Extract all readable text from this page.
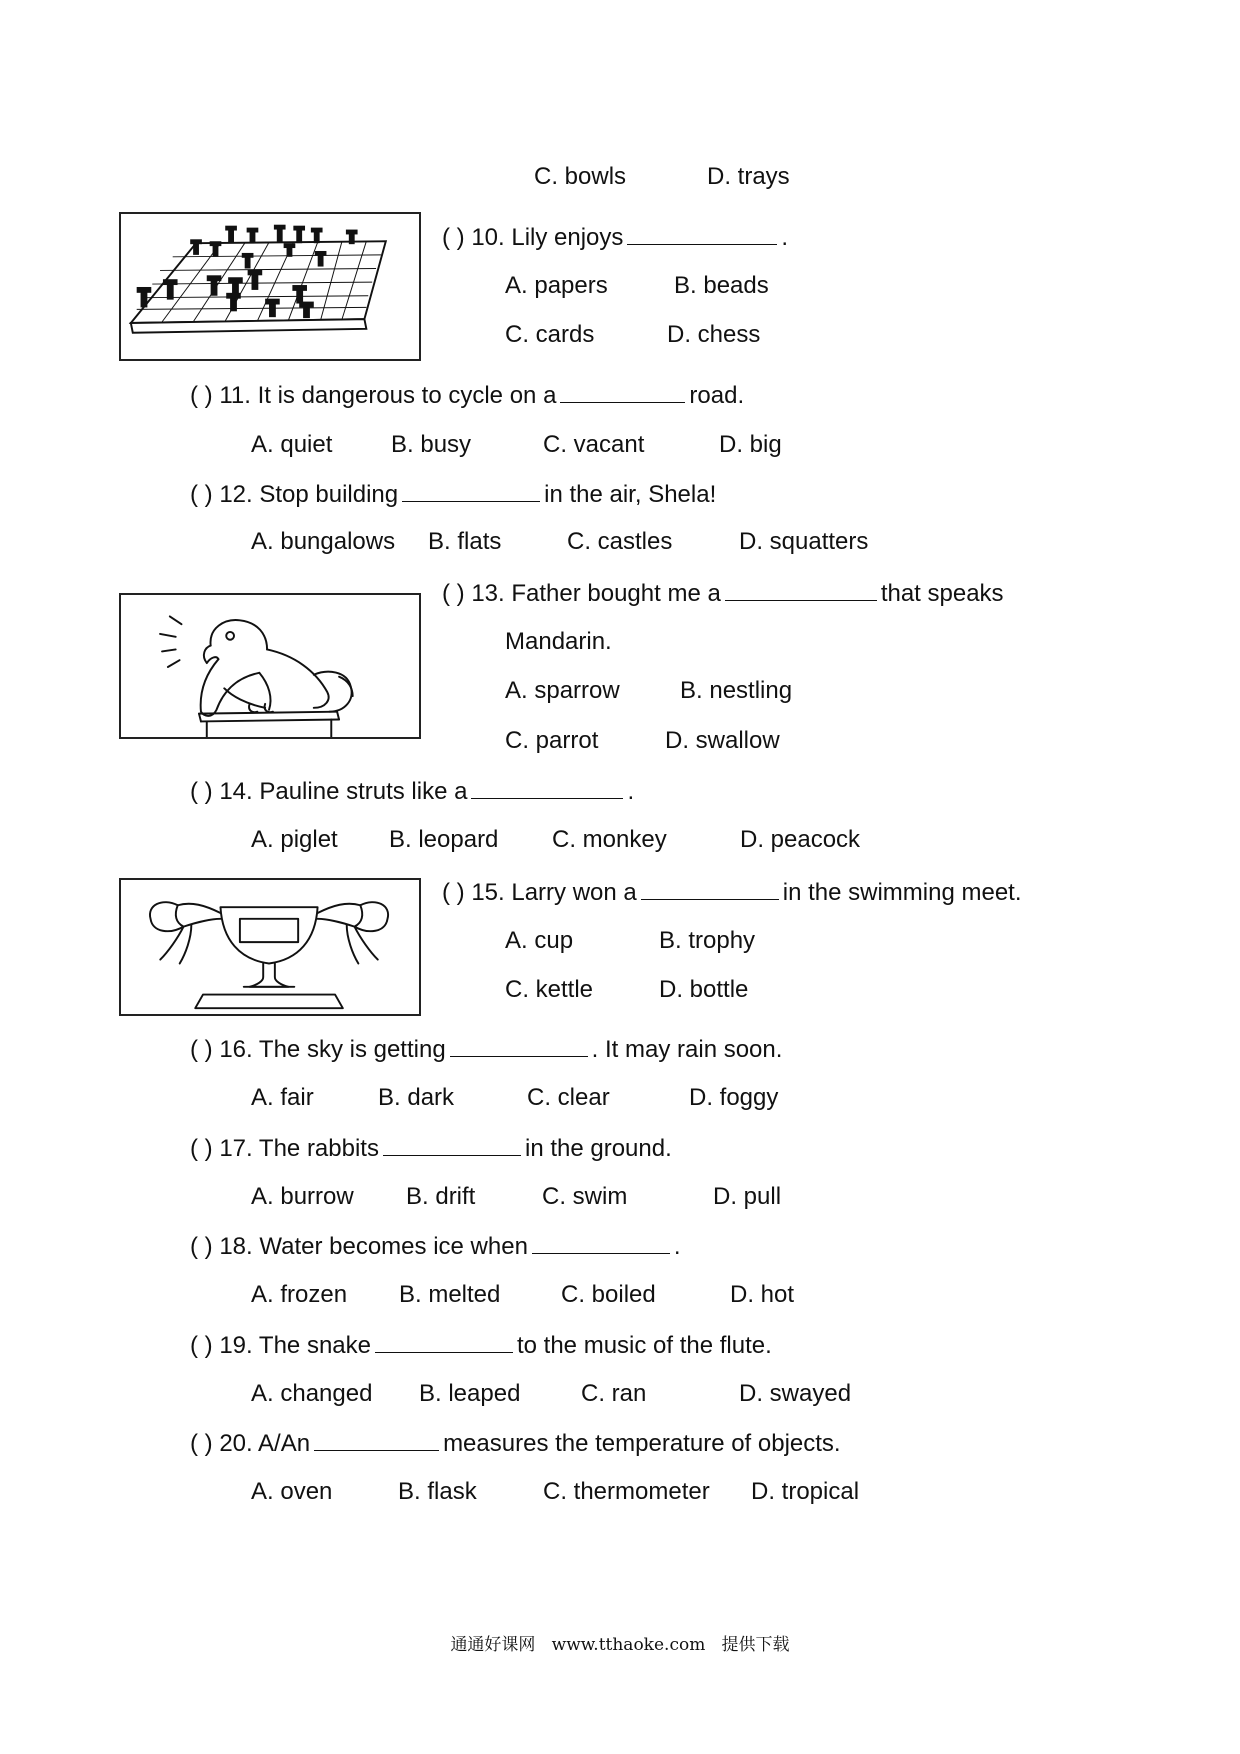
C. bowls	D. trays
( ) 10. Lily enjoys	.
A. papers	B. beads
C. cards	D. chess
( ) 11. It is dangerous to cycle on a	road.
A. quiet B. busy	C. vacant	D. big
( ) 12. Stop building	in the air, Shela!
A. bungalows B. flats	C. castles	D. squatters
( ) 13. Father bought me a	that speaks
Mandarin.
A. sparrow	B. nestling
C. parrot	D. swallow
( ) 14. Pauline struts like a	.
A. piglet B. leopard C. monkey	D. peacock
( ) 15. Larry won a	in the swimming meet.
A. cup	B. trophy
C. kettle	D. bottle
( ) 16. The sky is getting	. It may rain soon.
A. fair	B. dark	C. clear	D. foggy
( ) 17. The rabbits	in the ground.
A. burrow B. drift	C. swim	D. pull
( ) 18. Water becomes ice when	.
A. frozen B. melted	C. boiled	D. hot
( ) 19. The snake	to the music of the flute.
A. changed B. leaped	C. ran	D. swayed
( ) 20. A/An	measures the temperature of objects.
A. oven	B. flask	C. thermometer D. tropical
通通好课网 www.tthaoke.com 提供下载
